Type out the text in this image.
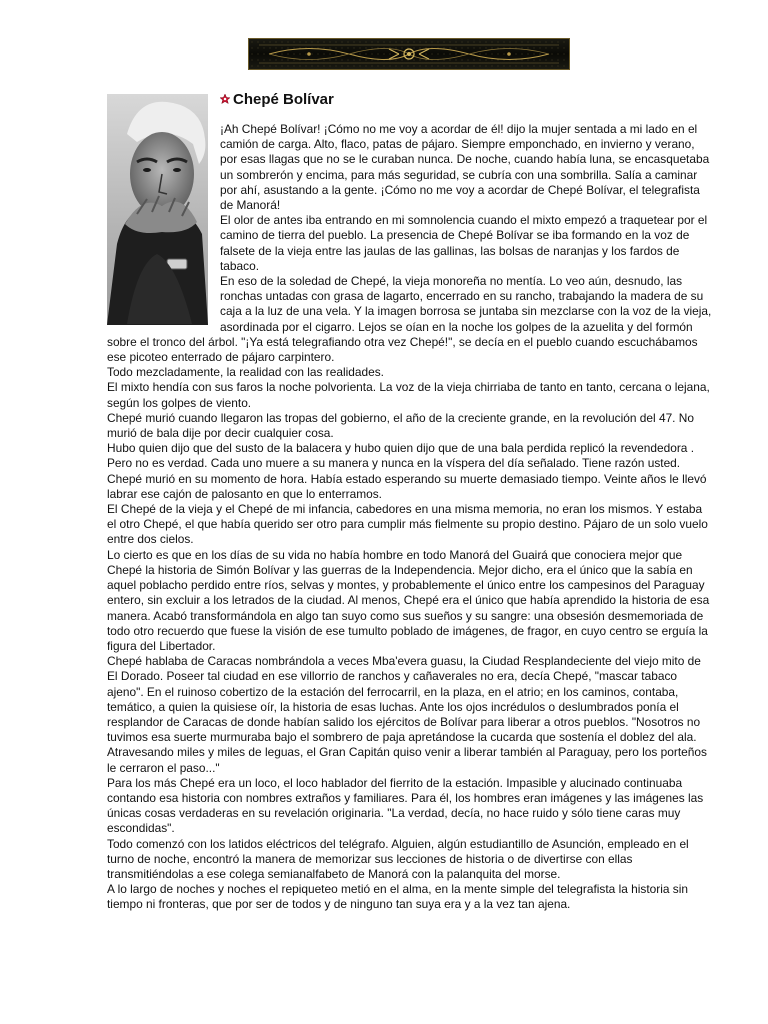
Chepé Bolívar

¡Ah Chepé Bolívar! ¡Cómo no me voy a acordar de él! dijo la mujer sentada a mi lado en el camión de carga. Alto, flaco, patas de pájaro. Siempre emponchado, en invierno y verano, por esas llagas que no se le curaban nunca. De noche, cuando había luna, se encasquetaba un sombrerón y encima, para más seguridad, se cubría con una sombrilla. Salía a caminar por ahí, asustando a la gente. ¡Cómo no me voy a acordar de Chepé Bolívar, el telegrafista de Manorá!

El olor de antes iba entrando en mi somnolencia cuando el mixto empezó a traquetear por el camino de tierra del pueblo. La presencia de Chepé Bolívar se iba formando en la voz de falsete de la vieja entre las jaulas de las gallinas, las bolsas de naranjas y los fardos de tabaco.

En eso de la soledad de Chepé, la vieja monoreña no mentía. Lo veo aún, desnudo, las ronchas untadas con grasa de lagarto, encerrado en su rancho, trabajando la madera de su caja a la luz de una vela. Y la imagen borrosa se juntaba sin mezclarse con la voz de la vieja, asordinada por el cigarro. Lejos se oían en la noche los golpes de la azuelita y del formón sobre el tronco del árbol. "¡Ya está telegrafiando otra vez Chepé!", se decía en el pueblo cuando escuchábamos ese picoteo enterrado de pájaro carpintero.

Todo mezcladamente, la realidad con las realidades.

El mixto hendía con sus faros la noche polvorienta. La voz de la vieja chirriaba de tanto en tanto, cercana o lejana, según los golpes de viento.

Chepé murió cuando llegaron las tropas del gobierno, el año de la creciente grande, en la revolución del 47. No murió de bala dije por decir cualquier cosa.

Hubo quien dijo que del susto de la balacera y hubo quien dijo que de una bala perdida replicó la revendedora . Pero no es verdad. Cada uno muere a su manera y nunca en la víspera del día señalado. Tiene razón usted. Chepé murió en su momento de hora. Había estado esperando su muerte demasiado tiempo. Veinte años le llevó labrar ese cajón de palosanto en que lo enterramos.

El Chepé de la vieja y el Chepé de mi infancia, cabedores en una misma memoria, no eran los mismos. Y estaba el otro Chepé, el que había querido ser otro para cumplir más fielmente su propio destino. Pájaro de un solo vuelo entre dos cielos.

Lo cierto es que en los días de su vida no había hombre en todo Manorá del Guairá que conociera mejor que Chepé la historia de Simón Bolívar y las guerras de la Independencia. Mejor dicho, era el único que la sabía en aquel poblacho perdido entre ríos, selvas y montes, y probablemente el único entre los campesinos del Paraguay entero, sin excluir a los letrados de la ciudad. Al menos, Chepé era el único que había aprendido la historia de esa manera. Acabó transformándola en algo tan suyo como sus sueños y su sangre: una obsesión desmemoriada de todo otro recuerdo que fuese la visión de ese tumulto poblado de imágenes, de fragor, en cuyo centro se erguía la figura del Libertador.

Chepé hablaba de Caracas nombrándola a veces Mba'evera guasu, la Ciudad Resplandeciente del viejo mito de El Dorado. Poseer tal ciudad en ese villorrio de ranchos y cañaverales no era, decía Chepé, "mascar tabaco ajeno". En el ruinoso cobertizo de la estación del ferrocarril, en la plaza, en el atrio; en los caminos, contaba, temático, a quien la quisiese oír, la historia de esas luchas. Ante los ojos incrédulos o deslumbrados ponía el resplandor de Caracas de donde habían salido los ejércitos de Bolívar para liberar a otros pueblos. "Nosotros no tuvimos esa suerte murmuraba bajo el sombrero de paja apretándose la cucarda que sostenía el doblez del ala. Atravesando miles y miles de leguas, el Gran Capitán quiso venir a liberar también al Paraguay, pero los porteños le cerraron el paso..."

Para los más Chepé era un loco, el loco hablador del fierrito de la estación. Impasible y alucinado continuaba contando esa historia con nombres extraños y familiares. Para él, los hombres eran imágenes y las imágenes las únicas cosas verdaderas en su revelación originaria. "La verdad, decía, no hace ruido y sólo tiene caras muy escondidas".

Todo comenzó con los latidos eléctricos del telégrafo. Alguien, algún estudiantillo de Asunción, empleado en el turno de noche, encontró la manera de memorizar sus lecciones de historia o de divertirse con ellas transmitiéndolas a ese colega semianalfabeto de Manorá con la palanquita del morse.

A lo largo de noches y noches el repiqueteo metió en el alma, en la mente simple del telegrafista la historia sin tiempo ni fronteras, que por ser de todos y de ninguno tan suya era y a la vez tan ajena.
